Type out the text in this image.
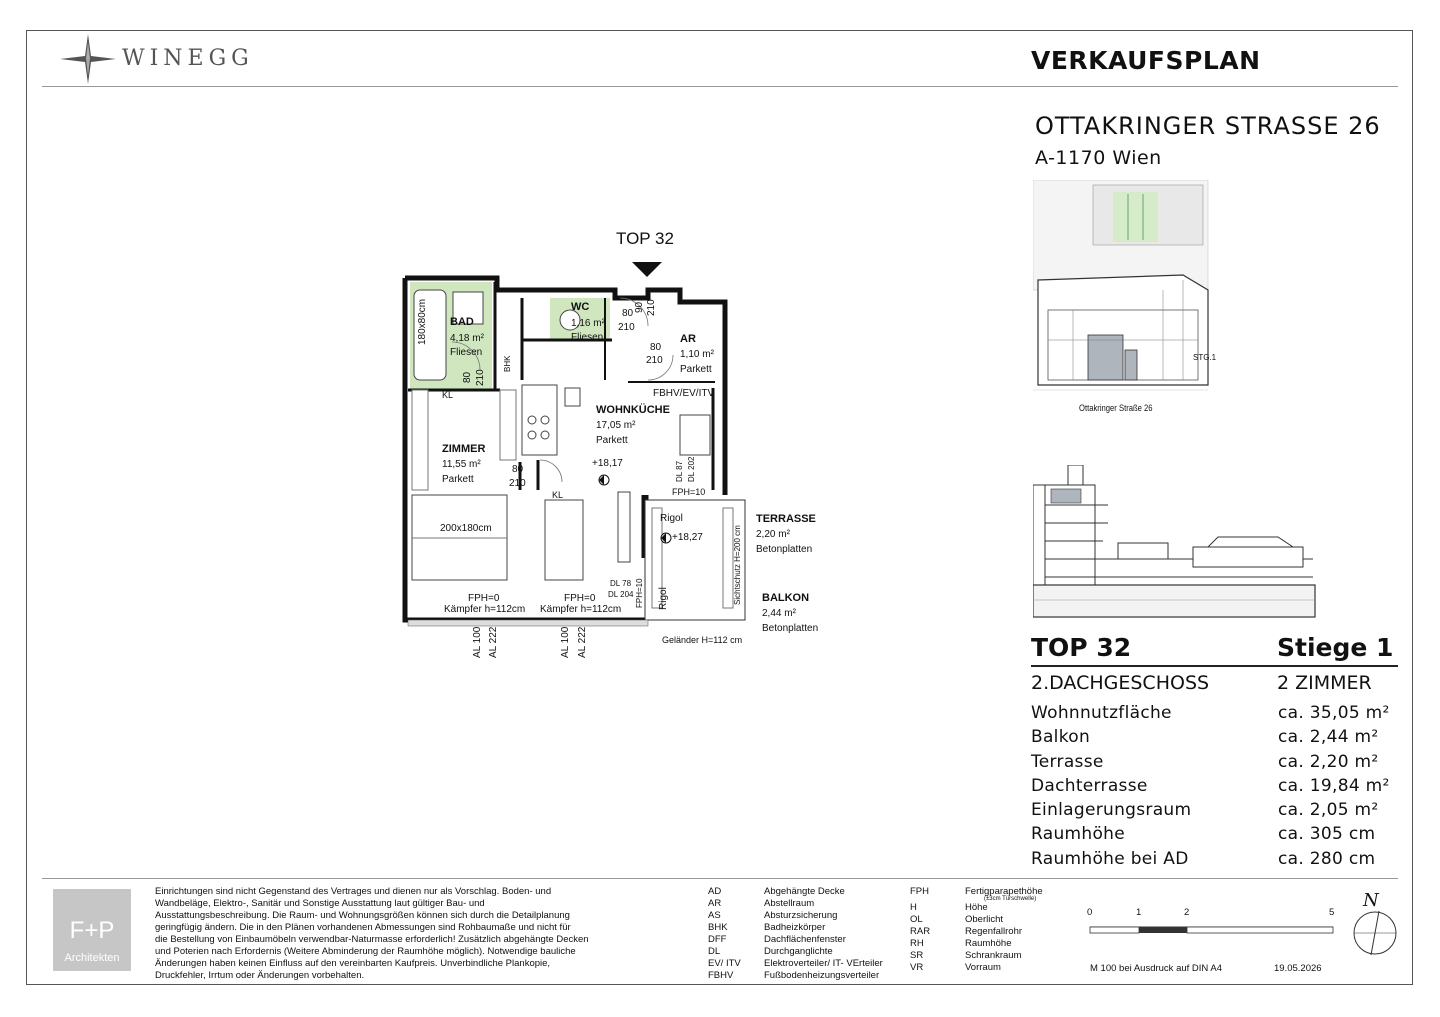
WINEGG	VERKAUFSPLAN
OTTAKRINGER STRASSE 26
A-1170 Wien
Ottakringer Straße 26
STG.1
TOP 32	Stiege 1
2.DACHGESCHOSS	2 ZIMMER
Wohnnutzfläche	ca. 35,05 m²
Balkon	ca. 2,44 m²
Terrasse	ca. 2,20 m²
Dachterrasse	ca. 19,84 m²
Einlagerungsraum	ca. 2,05 m²
Raumhöhe	ca. 305 cm
Raumhöhe bei AD	ca. 280 cm
TOP 32
BAD
4,18 m²
Fliesen
WC
1,16 m²
Fliesen	AR
1,10 m²
Parkett
WOHNKÜCHE
17,05 m²
Parkett
ZIMMER
11,55 m²
Parkett
TERRASSE
2,20 m²
Betonplatten
BALKON
2,44 m²
Betonplatten
180x80cm
200x180cm
+18,17
+18,27
FBHV/EV/ITV
BHK
KL
KL
Rigol
Rigol
FPH=10
FPH=10
FPH=0	FPH=0
Kämpfer h=112cm Kämpfer h=112cm
Sichtschutz H=200 cm
Geländer H=112 cm
DL 87 DL 202
DL 78
DL 204
AL 100 AL 222	AL 100 AL 222
80
210
80
210
90 210
80 210
80
210
F+P
Architekten
Einrichtungen sind nicht Gegenstand des Vertrages und dienen nur als Vorschlag. Boden- und
Wandbeläge, Elektro-, Sanitär und Sonstige Ausstattung laut gültiger Bau- und
Ausstattungsbeschreibung. Die Raum- und Wohnungsgrößen können sich durch die Detailplanung
geringfügig ändern. Die in den Plänen vorhandenen Abmessungen sind Rohbaumaße und nicht für
die Bestellung von Einbaumöbeln verwendbar-Naturmasse erforderlich! Zusätzlich abgehängte Decken
und Poterien nach Erfordernis (Weitere Abminderung der Raumhöhe möglich). Notwendige bauliche
Änderungen haben keinen Einfluss auf den vereinbarten Kaufpreis. Unverbindliche Plankopie,
Druckfehler, Irrtum oder Änderungen vorbehalten.
AD	Abgehängte Decke
AR	Abstellraum
AS	Absturzsicherung
BHK	Badheizkörper
DFF	Dachflächenfenster
DL	Durchganglichte
EV/ ITV	Elektroverteiler/ IT- VErteiler
FBHV	Fußbodenheizungsverteiler
FPH	Fertigparapethöhe
H	Höhe
OL	Oberlicht
RAR	Regenfallrohr
RH	Raumhöhe
SR	Schrankraum
VR	Vorraum
(±3cm Türschwelle)
0	1	2	5
M 100 bei Ausdruck auf DIN A4	19.05.2026
N
